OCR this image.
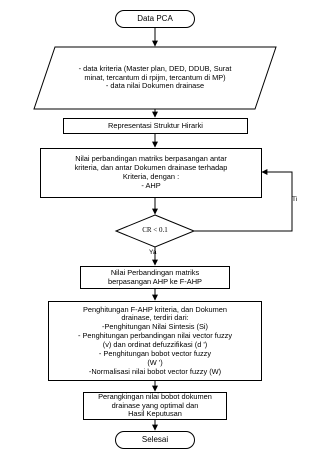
Data PCA
- data kriteria (Master plan, DED, DDUB, Surat
minat, tercantum di rpijm, tercantum di MP)
- data nilai Dokumen drainase
Representasi Struktur Hirarki
Nilai perbandingan matriks berpasangan antar
kriteria, dan antar Dokumen drainase terhadap
Kriteria, dengan :
- AHP
CR < 0.1
Ya
Ti
Nilai Perbandingan matriks
berpasangan AHP ke F-AHP
Penghitungan F-AHP kriteria, dan Dokumen
drainase, terdiri dari:
-Penghitungan Nilai Sintesis (Si)
- Penghitungan perbandingan nilai vector fuzzy
(v) dan ordinat defuzzifikasi (d ')
- Penghitungan bobot vector fuzzy
(W ')
-Normalisasi nilai bobot vector fuzzy (W)
Perangkingan nilai bobot dokumen
drainase yang optimal dan
Hasil Keputusan
Selesai
